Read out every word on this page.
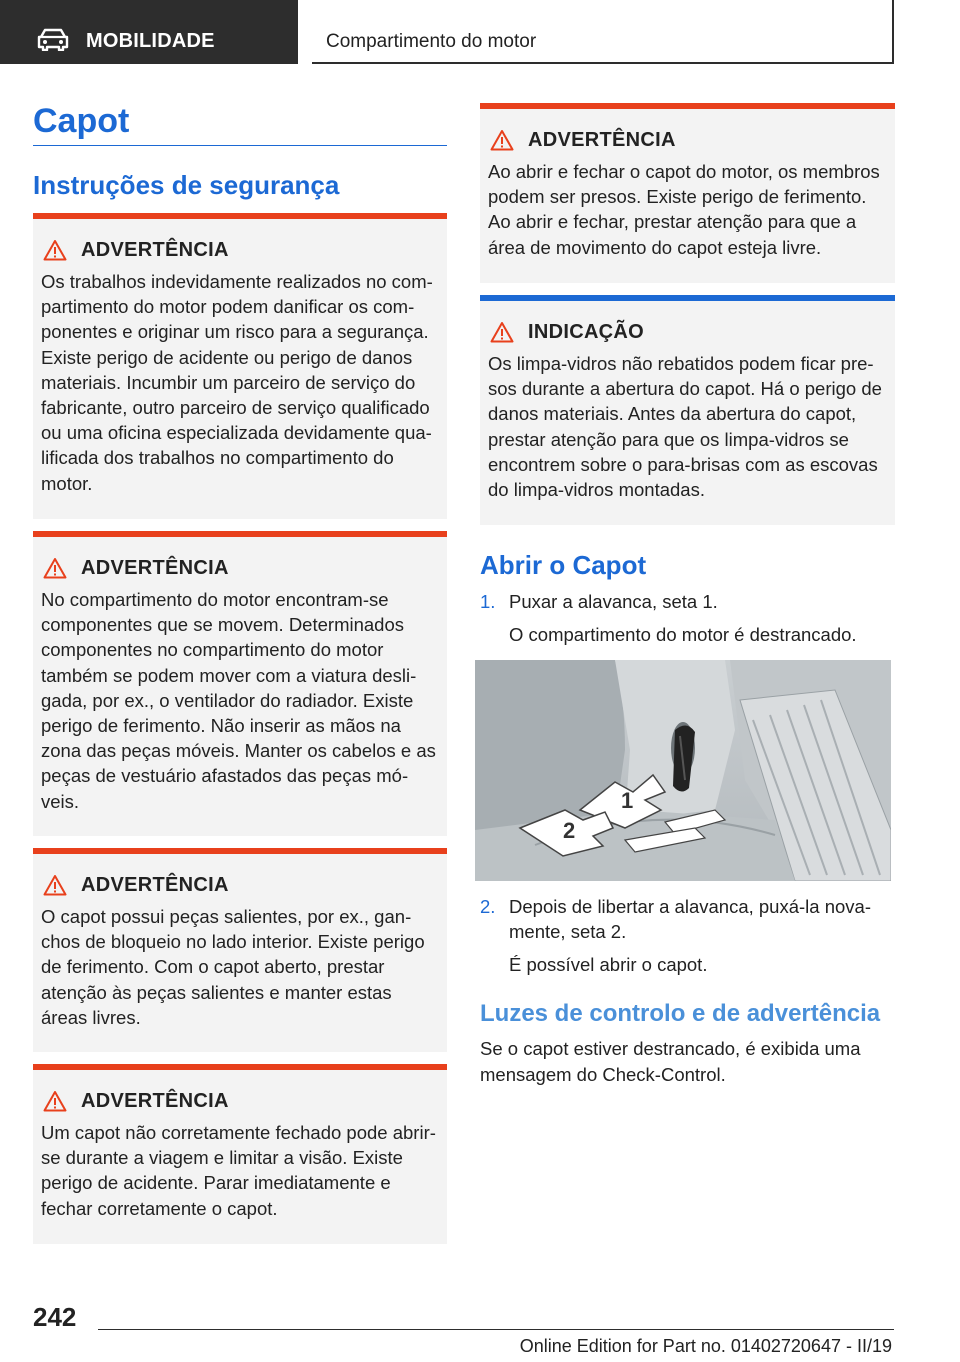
MOBILIDADE	Compartimento do motor
Capot
Instruções de segurança
ADVERTÊNCIA

Os trabalhos indevidamente realizados no compartimento do motor podem danificar os componentes e originar um risco para a segurança. Existe perigo de acidente ou perigo de danos materiais. Incumbir um parceiro de serviço do fabricante, outro parceiro de serviço qualificado ou uma oficina especializada devidamente qualificada dos trabalhos no compartimento do motor.

ADVERTÊNCIA

No compartimento do motor encontram-se componentes que se movem. Determinados componentes no compartimento do motor também se podem mover com a viatura desligada, por ex., o ventilador do radiador. Existe perigo de ferimento. Não inserir as mãos na zona das peças móveis. Manter os cabelos e as peças de vestuário afastados das peças móveis.

ADVERTÊNCIA

O capot possui peças salientes, por ex., ganchos de bloqueio no lado interior. Existe perigo de ferimento. Com o capot aberto, prestar atenção às peças salientes e manter estas áreas livres.

ADVERTÊNCIA

Um capot não corretamente fechado pode abrir-se durante a viagem e limitar a visão. Existe perigo de acidente. Parar imediatamente e fechar corretamente o capot.

ADVERTÊNCIA

Ao abrir e fechar o capot do motor, os membros podem ser presos. Existe perigo de ferimento. Ao abrir e fechar, prestar atenção para que a área de movimento do capot esteja livre.

INDICAÇÃO

Os limpa-vidros não rebatidos podem ficar presos durante a abertura do capot. Há o perigo de danos materiais. Antes da abertura do capot, prestar atenção para que os limpa-vidros se encontrem sobre o para-brisas com as escovas do limpa-vidros montadas.

Abrir o Capot
1. Puxar a alavanca, seta 1.
O compartimento do motor é destrancado.
1
2
2. Depois de libertar a alavanca, puxá-la novamente, seta 2.
É possível abrir o capot.
Luzes de controlo e de advertência
Se o capot estiver destrancado, é exibida uma mensagem do Check-Control.
242
Online Edition for Part no. 01402720647 - II/19
